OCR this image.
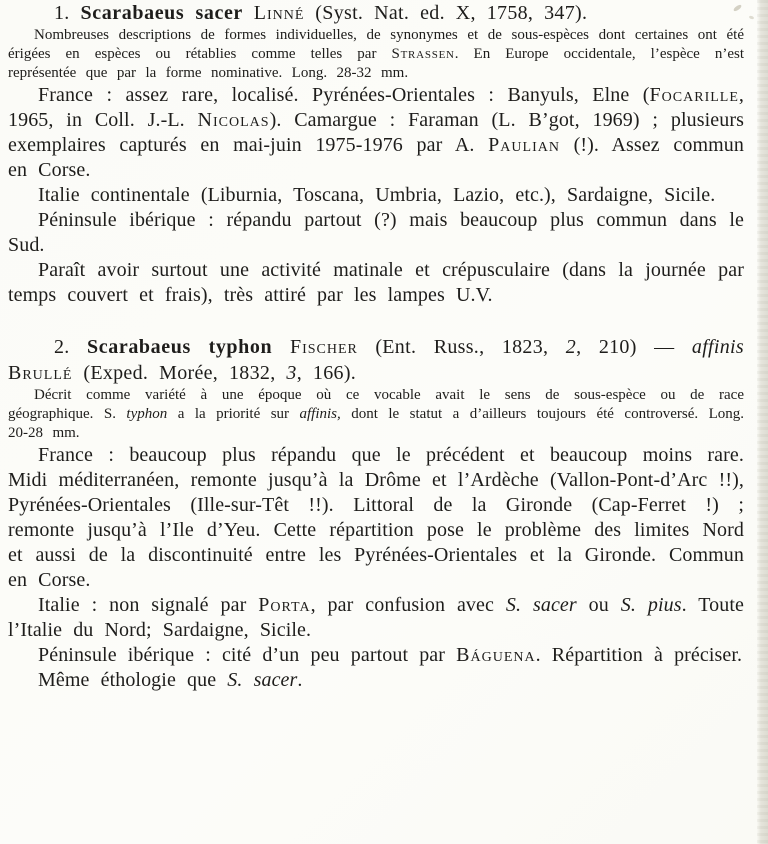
1. Scarabaeus sacer Linné (Syst. Nat. ed. X, 1758, 347).

Nombreuses descriptions de formes individuelles, de synonymes et de sous-espèces dont certaines ont été érigées en espèces ou rétablies comme telles par Strassen. En Europe occidentale, l’espèce n’est représentée que par la forme nominative. Long. 28-32 mm.

France : assez rare, localisé. Pyrénées-Orientales : Banyuls, Elne (Focarille, 1965, in Coll. J.-L. Nicolas). Camargue : Faraman (L. B’got, 1969) ; plusieurs exemplaires capturés en mai-juin 1975-1976 par A. Paulian (!). Assez commun en Corse.

Italie continentale (Liburnia, Toscana, Umbria, Lazio, etc.), Sardaigne, Sicile.

Péninsule ibérique : répandu partout (?) mais beaucoup plus commun dans le Sud.

Paraît avoir surtout une activité matinale et crépusculaire (dans la journée par temps couvert et frais), très attiré par les lampes U.V.

2. Scarabaeus typhon Fischer (Ent. Russ., 1823, 2, 210) — affinis Brullé (Exped. Morée, 1832, 3, 166).

Décrit comme variété à une époque où ce vocable avait le sens de sous-espèce ou de race géographique. S. typhon a la priorité sur affinis, dont le statut a d’ailleurs toujours été controversé. Long. 20-28 mm.

France : beaucoup plus répandu que le précédent et beaucoup moins rare. Midi méditerranéen, remonte jusqu’à la Drôme et l’Ardèche (Vallon-Pont-d’Arc !!), Pyrénées-Orientales (Ille-sur-Têt !!). Littoral de la Gironde (Cap-Ferret !) ; remonte jusqu’à l’Ile d’Yeu. Cette répartition pose le problème des limites Nord et aussi de la discontinuité entre les Pyrénées-Orientales et la Gironde. Commun en Corse.

Italie : non signalé par Porta, par confusion avec S. sacer ou S. pius. Toute l’Italie du Nord; Sardaigne, Sicile.

Péninsule ibérique : cité d’un peu partout par Báguena. Répartition à préciser.

Même éthologie que S. sacer.
